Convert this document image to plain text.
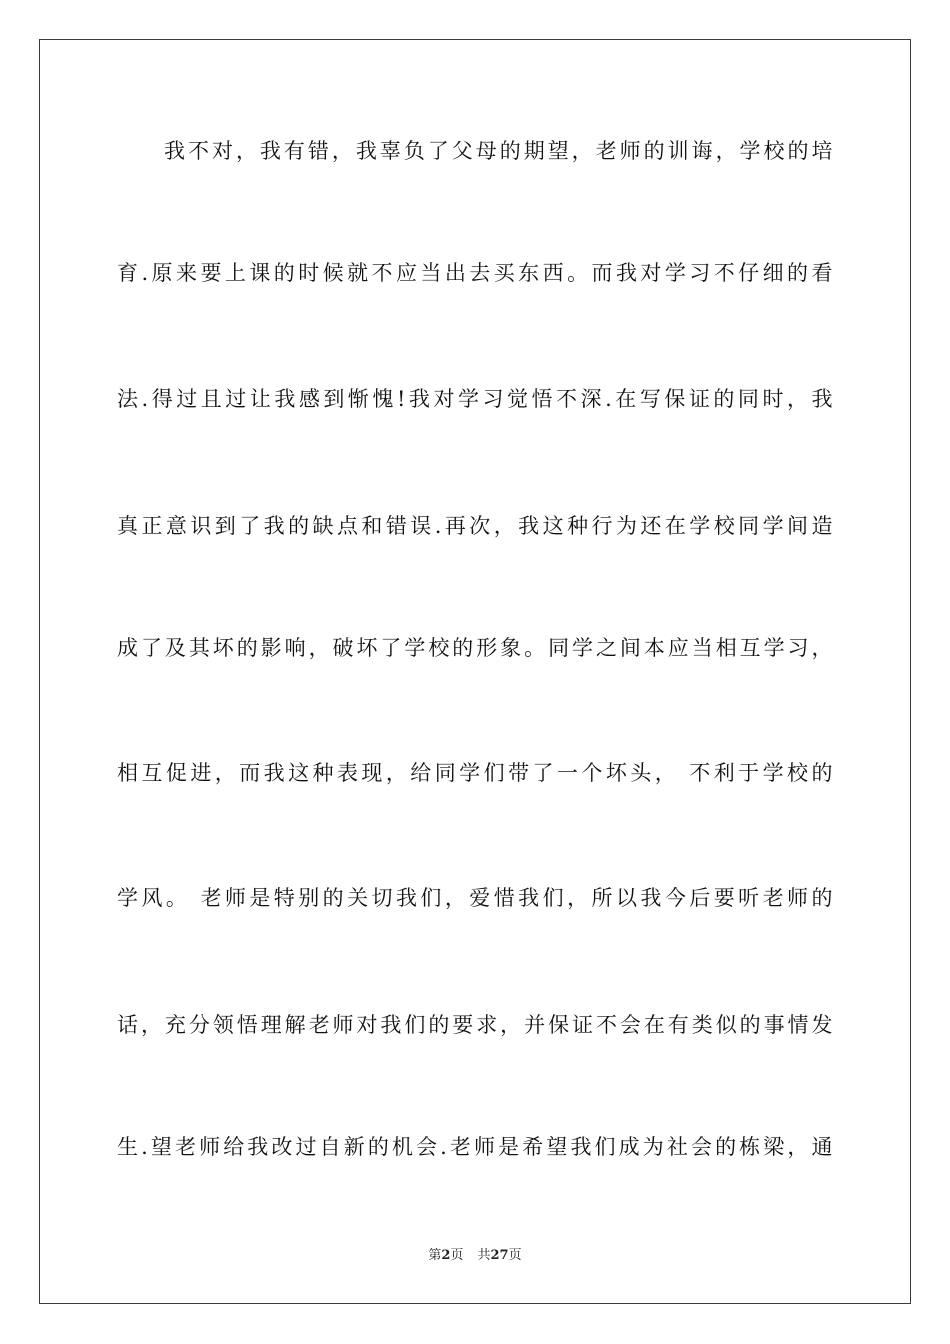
我不对，我有错，我辜负了父母的期望，老师的训诲，学校的培
育.原来要上课的时候就不应当出去买东西。而我对学习不仔细的看
法.得过且过让我感到惭愧!我对学习觉悟不深.在写保证的同时，我
真正意识到了我的缺点和错误.再次，我这种行为还在学校同学间造
成了及其坏的影响，破坏了学校的形象。同学之间本应当相互学习，
相互促进，而我这种表现，给同学们带了一个坏头， 不利于学校的
学风。 老师是特别的关切我们，爱惜我们，所以我今后要听老师的
话，充分领悟理解老师对我们的要求，并保证不会在有类似的事情发
生.望老师给我改过自新的机会.老师是希望我们成为社会的栋梁，通
第2页 共27页
